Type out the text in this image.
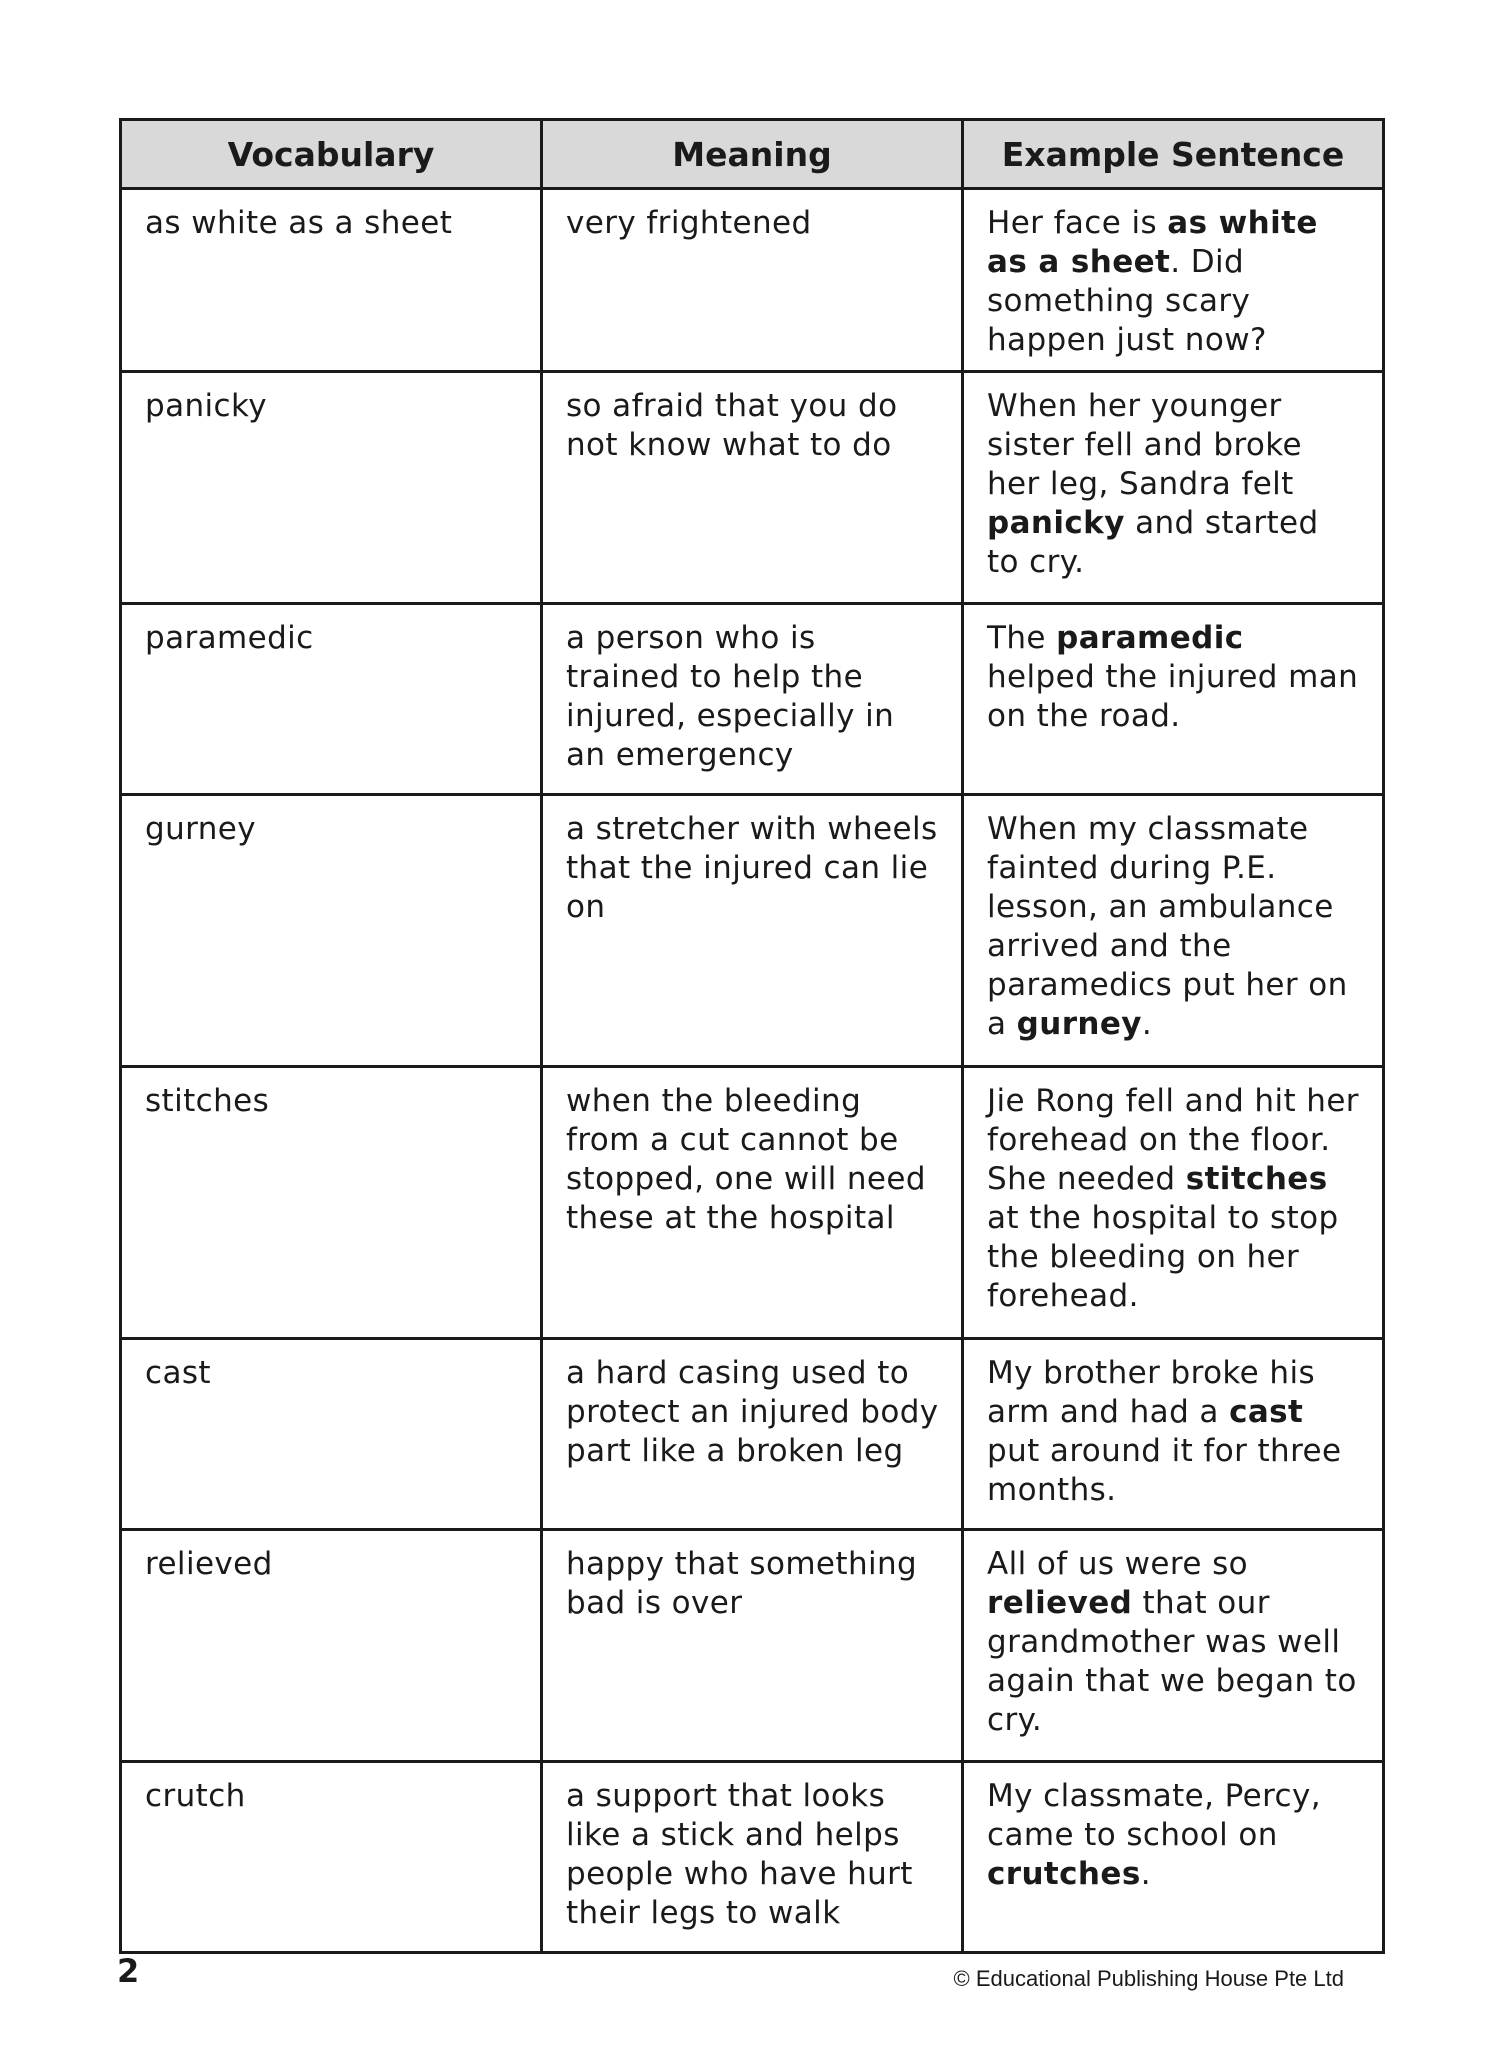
Vocabulary	Meaning	Example Sentence
as white as a sheet	very frightened	Her face is as white as a sheet. Did something scary happen just now?
panicky	so afraid that you do not know what to do	When her younger sister fell and broke her leg, Sandra felt panicky and started to cry.
paramedic	a person who is trained to help the injured, especially in an emergency	The paramedic helped the injured man on the road.
gurney	a stretcher with wheels that the injured can lie on	When my classmate fainted during P.E. lesson, an ambulance arrived and the paramedics put her on a gurney.
stitches	when the bleeding from a cut cannot be stopped, one will need these at the hospital	Jie Rong fell and hit her forehead on the floor. She needed stitches at the hospital to stop the bleeding on her forehead.
cast	a hard casing used to protect an injured body part like a broken leg	My brother broke his arm and had a cast put around it for three months.
relieved	happy that something bad is over	All of us were so relieved that our grandmother was well again that we began to cry.
crutch	a support that looks like a stick and helps people who have hurt their legs to walk	My classmate, Percy, came to school on crutches.
2	© Educational Publishing House Pte Ltd
